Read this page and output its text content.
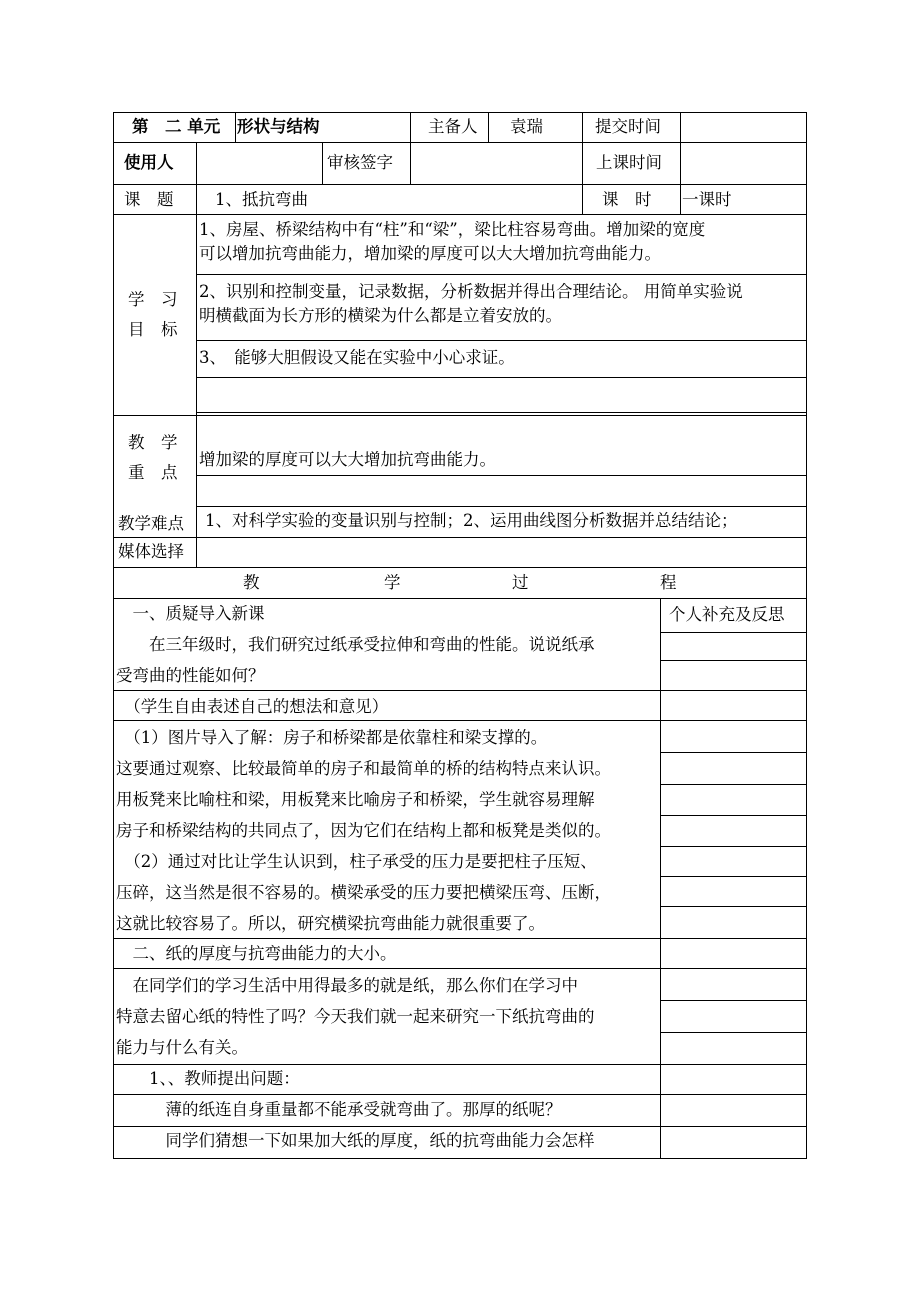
第　二 单元 形状与结构	主备人 袁瑞	提交时间
使用人	审核签字	上课时间
课　题	1、抵抗弯曲	课　时 一课时
学　习
目　标
1、房屋、桥梁结构中有“柱”和“梁”，梁比柱容易弯曲。增加梁的宽度
可以增加抗弯曲能力，增加梁的厚度可以大大增加抗弯曲能力。
2、识别和控制变量，记录数据，分析数据并得出合理结论。 用简单实验说
明横截面为长方形的横梁为什么都是立着安放的。
3、　能够大胆假设又能在实验中小心求证。
教　学
重　点
增加梁的厚度可以大大增加抗弯曲能力。
教学难点 1、对科学实验的变量识别与控制；2、运用曲线图分析数据并总结结论；
媒体选择
教	学	过	程
个人补充及反思
　一、质疑导入新课
　　在三年级时，我们研究过纸承受拉伸和弯曲的性能。说说纸承
受弯曲的性能如何？
　（学生自由表述自己的想法和意见）
　（1）图片导入了解：房子和桥梁都是依靠柱和梁支撑的。
这要通过观察、比较最简单的房子和最简单的桥的结构特点来认识。
用板凳来比喻柱和梁，用板凳来比喻房子和桥梁，学生就容易理解
房子和桥梁结构的共同点了，因为它们在结构上都和板凳是类似的。
　（2）通过对比让学生认识到，柱子承受的压力是要把柱子压短、
压碎，这当然是很不容易的。横梁承受的压力要把横梁压弯、压断，
这就比较容易了。所以，研究横梁抗弯曲能力就很重要了。
　二、纸的厚度与抗弯曲能力的大小。
　在同学们的学习生活中用得最多的就是纸，那么你们在学习中
特意去留心纸的特性了吗？今天我们就一起来研究一下纸抗弯曲的
能力与什么有关。
　　1、、教师提出问题：
　　　薄的纸连自身重量都不能承受就弯曲了。那厚的纸呢？
　　　同学们猜想一下如果加大纸的厚度，纸的抗弯曲能力会怎样
